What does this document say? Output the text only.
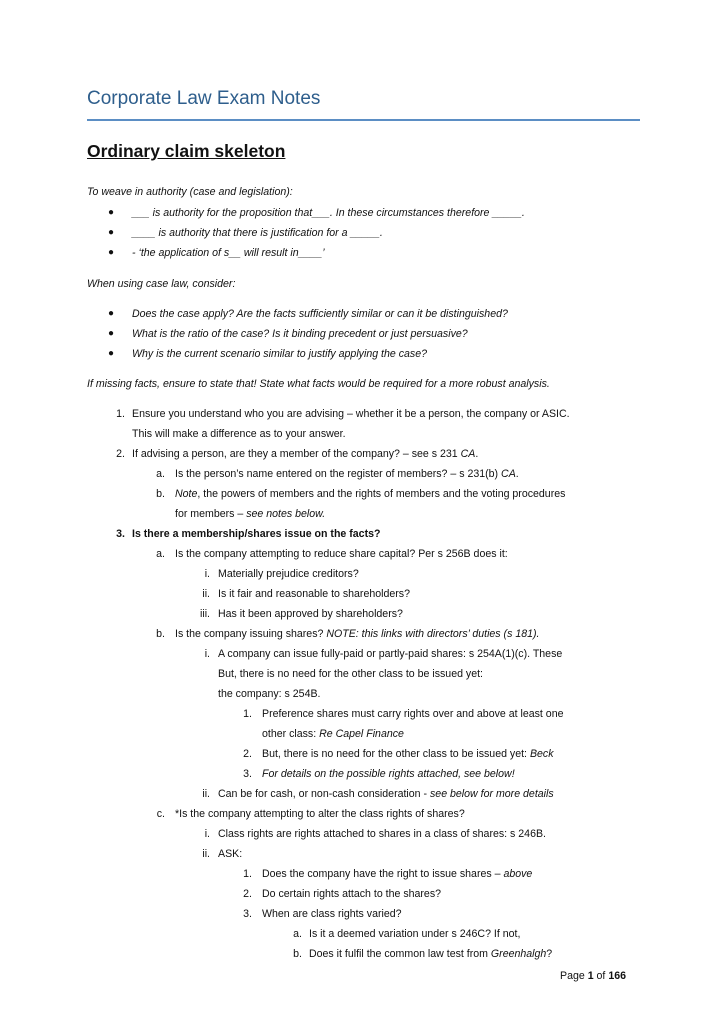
Corporate Law Exam Notes
Ordinary claim skeleton
To weave in authority (case and legislation):
● ___ is authority for the proposition that___. In these circumstances therefore _____.
● ____ is authority that there is justification for a _____.
● - ‘the application of s__ will result in____’
When using case law, consider:
● Does the case apply? Are the facts sufficiently similar or can it be distinguished?
● What is the ratio of the case? Is it binding precedent or just persuasive?
● Why is the current scenario similar to justify applying the case?
If missing facts, ensure to state that! State what facts would be required for a more robust analysis.
1. Ensure you understand who you are advising – whether it be a person, the company or ASIC.
This will make a difference as to your answer.
2. If advising a person, are they a member of the company? – see s 231 CA.
a. Is the person’s name entered on the register of members? – s 231(b) CA.
b. Note, the powers of members and the rights of members and the voting procedures
for members – see notes below.
3. Is there a membership/shares issue on the facts?
a. Is the company attempting to reduce share capital? Per s 256B does it:
i. Materially prejudice creditors?
ii. Is it fair and reasonable to shareholders?
iii. Has it been approved by shareholders?
b. Is the company issuing shares? NOTE: this links with directors’ duties (s 181).
i. A company can issue fully-paid or partly-paid shares: s 254A(1)(c). These
But, there is no need for the other class to be issued yet:
the company: s 254B.
1. Preference shares must carry rights over and above at least one
other class: Re Capel Finance
2. But, there is no need for the other class to be issued yet: Beck
3. For details on the possible rights attached, see below!
ii. Can be for cash, or non-cash consideration - see below for more details
c. *Is the company attempting to alter the class rights of shares?
i. Class rights are rights attached to shares in a class of shares: s 246B.
ii. ASK:
1. Does the company have the right to issue shares – above
2. Do certain rights attach to the shares?
3. When are class rights varied?
a. Is it a deemed variation under s 246C? If not,
b. Does it fulfil the common law test from Greenhalgh?
Page 1 of 166
